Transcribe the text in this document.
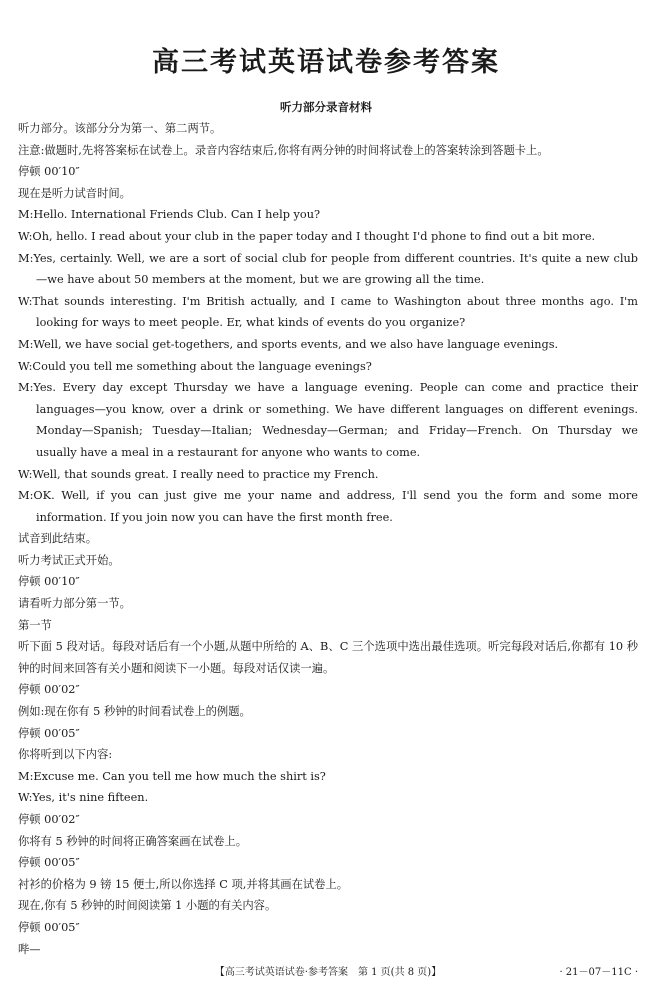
高三考试英语试卷参考答案
听力部分录音材料
听力部分。该部分分为第一、第二两节。
注意:做题时,先将答案标在试卷上。录音内容结束后,你将有两分钟的时间将试卷上的答案转涂到答题卡上。
停顿 00′10″
现在是听力试音时间。
M:Hello. International Friends Club. Can I help you?
W:Oh, hello. I read about your club in the paper today and I thought I'd phone to find out a bit more.
M:Yes, certainly. Well, we are a sort of social club for people from different countries. It's quite a new club—we have about 50 members at the moment, but we are growing all the time.
W:That sounds interesting. I'm British actually, and I came to Washington about three months ago. I'm looking for ways to meet people. Er, what kinds of events do you organize?
M:Well, we have social get-togethers, and sports events, and we also have language evenings.
W:Could you tell me something about the language evenings?
M:Yes. Every day except Thursday we have a language evening. People can come and practice their languages—you know, over a drink or something. We have different languages on different evenings. Monday—Spanish; Tuesday—Italian; Wednesday—German; and Friday—French. On Thursday we usually have a meal in a restaurant for anyone who wants to come.
W:Well, that sounds great. I really need to practice my French.
M:OK. Well, if you can just give me your name and address, I'll send you the form and some more information. If you join now you can have the first month free.
试音到此结束。
听力考试正式开始。
停顿 00′10″
请看听力部分第一节。
第一节
听下面 5 段对话。每段对话后有一个小题,从题中所给的 A、B、C 三个选项中选出最佳选项。听完每段对话后,你都有 10 秒钟的时间来回答有关小题和阅读下一小题。每段对话仅读一遍。
停顿 00′02″
例如:现在你有 5 秒钟的时间看试卷上的例题。
停顿 00′05″
你将听到以下内容:
M:Excuse me. Can you tell me how much the shirt is?
W:Yes, it's nine fifteen.
停顿 00′02″
你将有 5 秒钟的时间将正确答案画在试卷上。
停顿 00′05″
衬衫的价格为 9 镑 15 便士,所以你选择 C 项,并将其画在试卷上。
现在,你有 5 秒钟的时间阅读第 1 小题的有关内容。
停顿 00′05″
哔—
【高三考试英语试卷·参考答案　第 1 页(共 8 页)】	· 21－07－11C ·
